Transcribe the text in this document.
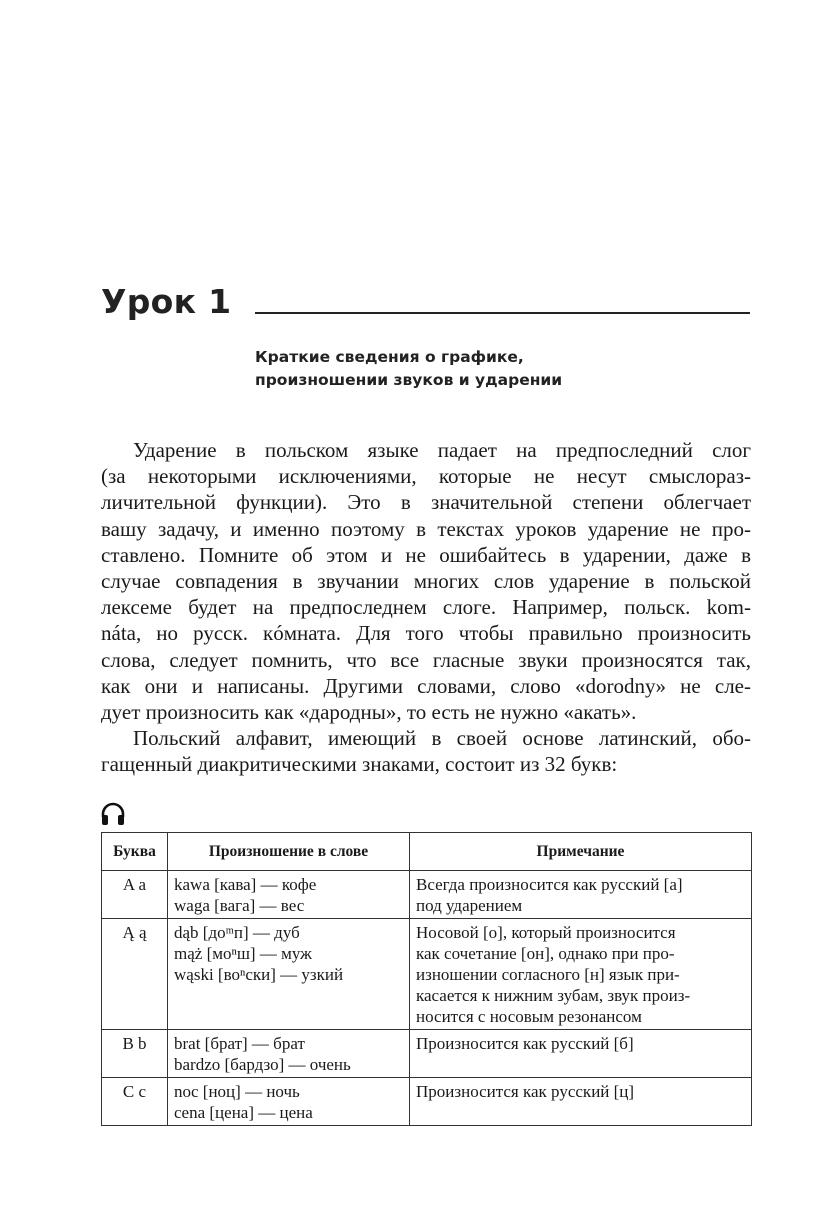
Урок 1
Краткие сведения о графике,
произношении звуков и ударении
Ударение в польском языке падает на предпоследний слог
(за некоторыми исключениями, которые не несут смыслораз-
личительной функции). Это в значительной степени облегчает
вашу задачу, и именно поэтому в текстах уроков ударение не про-
ставлено. Помните об этом и не ошибайтесь в ударении, даже в
случае совпадения в звучании многих слов ударение в польской
лексеме будет на предпоследнем слоге. Например, польск. kom-
náta, но русск. кóмната. Для того чтобы правильно произносить
слова, следует помнить, что все гласные звуки произносятся так,
как они и написаны. Другими словами, слово «dorodny» не сле-
дует произносить как «дародны», то есть не нужно «акать».
Польский алфавит, имеющий в своей основе латинский, обо-
гащенный диакритическими знаками, состоит из 32 букв:
Буква	Произношение в слове	Примечание

A a	kawa [кава] — кофе
waga [вага] — вес	Всегда произносится как русский [а]
под ударением

Ą ą	dąb [доᵐп] — дуб
mąż [моⁿш] — муж
wąski [воⁿски] — узкий	Носовой [о], который произносится
как сочетание [он], однако при про-
изношении согласного [н] язык при-
касается к нижним зубам, звук произ-
носится с носовым резонансом

B b	brat [брат] — брат
bardzo [бардзо] — очень	Произносится как русский [б]

C c	noc [ноц] — ночь
cena [цена] — цена	Произносится как русский [ц]
